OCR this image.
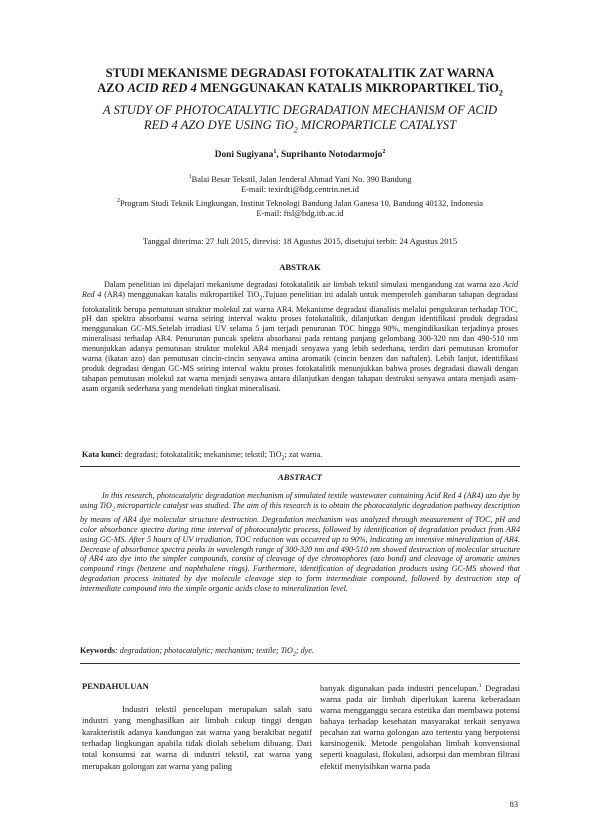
STUDI MEKANISME DEGRADASI FOTOKATALITIK ZAT WARNA
AZO ACID RED 4 MENGGUNAKAN KATALIS MIKROPARTIKEL TiO$_2$
A STUDY OF PHOTOCATALYTIC DEGRADATION MECHANISM OF ACID
RED 4 AZO DYE USING TiO$_2$ MICROPARTICLE CATALYST
Doni Sugiyana$^1$, Suprihanto Notodarmojo$^2$
$^1$Balai Besar Tekstil, Jalan Jenderal Ahmad Yani No. 390 Bandung
E-mail: texirdti@bdg.centrin.net.id
$^2$Program Studi Teknik Lingkungan, Institut Teknologi Bandung Jalan Ganesa 10, Bandung 40132, Indonesia
E-mail: ftsl@bdg.itb.ac.id
Tanggal diterima: 27 Juli 2015, direvisi: 18 Agustus 2015, disetujui terbit: 24 Agustus 2015
ABSTRAK
Dalam penelitian ini dipelajari mekanisme degradasi fotokatalitik air limbah tekstil simulasi mengandung zat warna azo Acid Red 4 (AR4) menggunakan katalis mikropartikel TiO$_2$.Tujuan penelitian ini adalah untuk memperoleh gambaran tahapan degradasi fotokatalitik berupa pemutusan struktur molekul zat warna AR4. Mekanisme degradasi dianalisis melalui pengukuran terhadap TOC, pH dan spektra absorbansi warna seiring interval waktu proses fotokatalitik, dilanjutkan dengan identifikasi produk degradasi menggunakan GC-MS.Setelah irradiasi UV selama 5 jam terjadi penurunan TOC hingga 90%, mengindikasikan terjadinya proses mineralisasi terhadap AR4. Penurunan puncak spektra absorbansi pada rentang panjang gelombang 300-320 nm dan 490-510 nm menunjukkan adanya pemutusan struktur molekul AR4 menjadi senyawa yang lebih sederhana, terdiri dari pemutusan kromofor warna (ikatan azo) dan pemutusan cincin-cincin senyawa amina aromatik (cincin benzen dan naftalen). Lebih lanjut, identifikasi produk degradasi dengan GC-MS seiring interval waktu proses fotokatalitik menunjukkan bahwa proses degradasi diawali dengan tahapan pemutusan molekul zat warna menjadi senyawa antara dilanjutkan dengan tahapan destruksi senyawa antara menjadi asam-asam organik sederhana yang mendekati tingkat mineralisasi.
Kata kunci: degradasi; fotokatalitik; mekanisme; tekstil; TiO$_2$; zat warna.
ABSTRACT
In this research, photocatalytic degradation mechanism of simulated textile wastewater containing Acid Red 4 (AR4) azo dye by using TiO$_2$ microparticle catalyst was studied. The aim of this research is to obtain the photocatalytic degradation pathway description by means of AR4 dye molecular structure destruction. Degradation mechanism was analyzed through measurement of TOC, pH and color absorbance spectra during time interval of photocatalytic process, followed by identification of degradation product from AR4 using GC-MS. After 5 hours of UV irradiation, TOC reduction was occurred up to 90%, indicating an intensive mineralization of AR4. Decrease of absorbance spectra peaks in wavelength range of 300-320 nm and 490-510 nm showed destruction of molecular structure of AR4 azo dye into the simpler compounds, consist of cleavage of dye chromophores (azo bond) and cleavage of aromatic amines compound rings (benzene and naphthalene rings). Furthermore, identification of degradation products using GC-MS showed that degradation process initiated by dye molecule cleavage step to form intermediate compound, followed by destruction step of intermediate compound into the simple organic acids close to mineralization level.
Keywords: degradation; photocatalytic; mechanism; textile; TiO$_2$; dye.
PENDAHULUAN
Industri tekstil pencelupan merupakan salah satu industri yang menghasilkan air limbah cukup tinggi dengan karakteristik adanya kandungan zat warna yang berakibat negatif terhadap lingkungan apabila tidak diolah sebelum dibuang. Dari total konsumsi zat warna di industri tekstil, zat warna yang merupakan golongan zat warna yang paling
banyak digunakan pada industri pencelupan.$^1$ Degradasi warna pada air limbah diperlukan karena keberadaan warna mengganggu secara estetika dan membawa potensi bahaya terhadap kesehatan masyarakat terkait senyawa pecahan zat warna golongan azo tertentu yang berpotensi karsinogenik. Metode pengolahan limbah konvensional seperti koagulasi, flokulasi, adsorpsi dan membran filtrasi efektif menyisihkan warna pada
83
